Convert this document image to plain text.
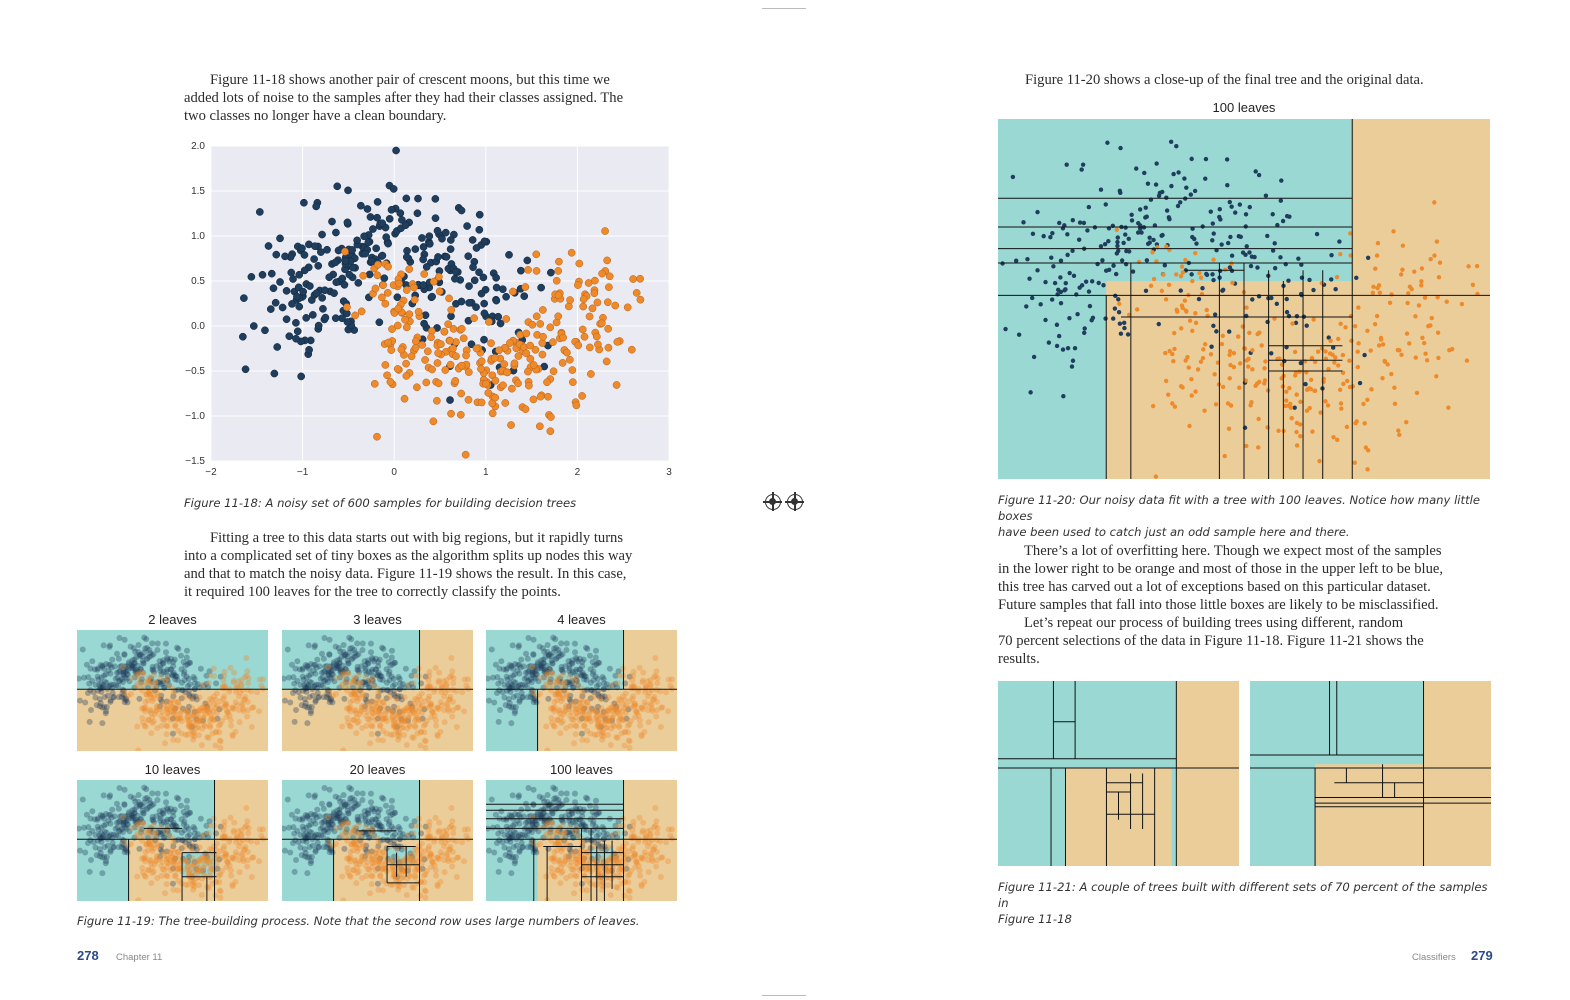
Figure 11-18 shows another pair of crescent moons, but this time we
added lots of noise to the samples after they had their classes assigned. The
two classes no longer have a clean boundary.
−2	−1	0	1	2	3
2.0
1.5
1.0
0.5
0.0
−0.5
−1.0
−1.5
Figure 11-18: A noisy set of 600 samples for building decision trees
Fitting a tree to this data starts out with big regions, but it rapidly turns
into a complicated set of tiny boxes as the algorithm splits up nodes this way
and that to match the noisy data. Figure 11-19 shows the result. In this case,
it required 100 leaves for the tree to correctly classify the points.
2 leaves	3 leaves	4 leaves
10 leaves	20 leaves	100 leaves
Figure 11-19: The tree-building process. Note that the second row uses large numbers of leaves.
278 Chapter 11
Figure 11-20 shows a close-up of the final tree and the original data.
100 leaves
Figure 11-20: Our noisy data fit with a tree with 100 leaves. Notice how many little boxes
have been used to catch just an odd sample here and there.
There’s a lot of overfitting here. Though we expect most of the samples
in the lower right to be orange and most of those in the upper left to be blue,
this tree has carved out a lot of exceptions based on this particular dataset.
Future samples that fall into those little boxes are likely to be misclassified.
Let’s repeat our process of building trees using different, random
70 percent selections of the data in Figure 11-18. Figure 11-21 shows the
results.
Figure 11-21: A couple of trees built with different sets of 70 percent of the samples in
Figure 11-18
Classifiers 279
